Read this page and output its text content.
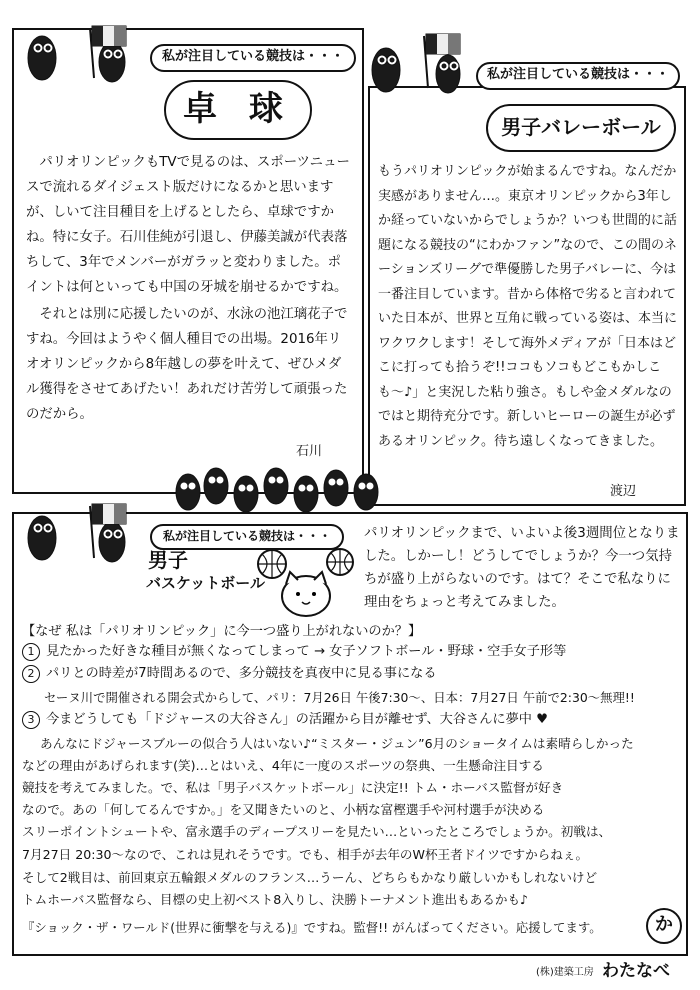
私が注目している競技は・・・
卓 球

パリオリンピックもTVで見るのは、スポーツニュースで流れるダイジェスト版だけになるかと思いますが、しいて注目種目を上げるとしたら、卓球ですかね。特に女子。石川佳純が引退し、伊藤美誠が代表落ちして、3年でメンバーがガラッと変わりました。ポイントは何といっても中国の牙城を崩せるかですね。

それとは別に応援したいのが、水泳の池江璃花子ですね。今回はようやく個人種目での出場。2016年リオオリンピックから8年越しの夢を叶えて、ぜひメダル獲得をさせてあげたい！あれだけ苦労して頑張ったのだから。

石川
私が注目している競技は・・・
男子バレーボール
もうパリオリンピックが始まるんですね。なんだか実感がありません…。東京オリンピックから3年しか経っていないからでしょうか？いつも世間的に話題になる競技の“にわかファン”なので、この間のネーションズリーグで準優勝した男子バレーに、今は一番注目しています。昔から体格で劣ると言われていた日本が、世界と互角に戦っている姿は、本当にワクワクします！そして海外メディアが「日本はどこに打っても拾うぞ!!ココもソコもどこもかしこも〜♪」と実況した粘り強さ。もしや金メダルなのではと期待充分です。新しいヒーローの誕生が必ずあるオリンピック。待ち遠しくなってきました。
渡辺
私が注目している競技は・・・
男子
バスケットボール
パリオリンピックまで、いよいよ後3週間位となりました。しかーし！どうしてでしょうか？今一つ気持ちが盛り上がらないのです。はて？そこで私なりに理由をちょっと考えてみました。
【なぜ 私は「パリオリンピック」に今一つ盛り上がれないのか？】
1 見たかった好きな種目が無くなってしまって → 女子ソフトボール・野球・空手女子形等
2 パリとの時差が7時間あるので、多分競技を真夜中に見る事になる
セーヌ川で開催される開会式からして、パリ：7月26日 午後7:30～、日本：7月27日 午前で2:30～無理!!
3 今まどうしても「ドジャースの大谷さん」の活躍から目が離せず、大谷さんに夢中 ♥
あんなにドジャースブルーの似合う人はいない♪“ミスター・ジュン”6月のショータイムは素晴らしかった
などの理由があげられます(笑)…とはいえ、4年に一度のスポーツの祭典、一生懸命注目する
競技を考えてみました。で、私は「男子バスケットボール」に決定!! トム・ホーバス監督が好き
なので。あの「何してるんですか。」を又聞きたいのと、小柄な富樫選手や河村選手が決める
スリーポイントシュートや、富永選手のディープスリーを見たい…といったところでしょうか。初戦は、
7月27日 20:30～なので、これは見れそうです。でも、相手が去年のW杯王者ドイツですからねぇ。
そして2戦目は、前回東京五輪銀メダルのフランス…うーん、どちらもかなり厳しいかもしれないけど
トムホーバス監督なら、目標の史上初ベスト8入りし、決勝トーナメント進出もあるかも♪
『ショック・ザ・ワールド(世界に衝撃を与える)』ですね。監督!! がんばってください。応援してます。	か
(株)建築工房 わたなべ
